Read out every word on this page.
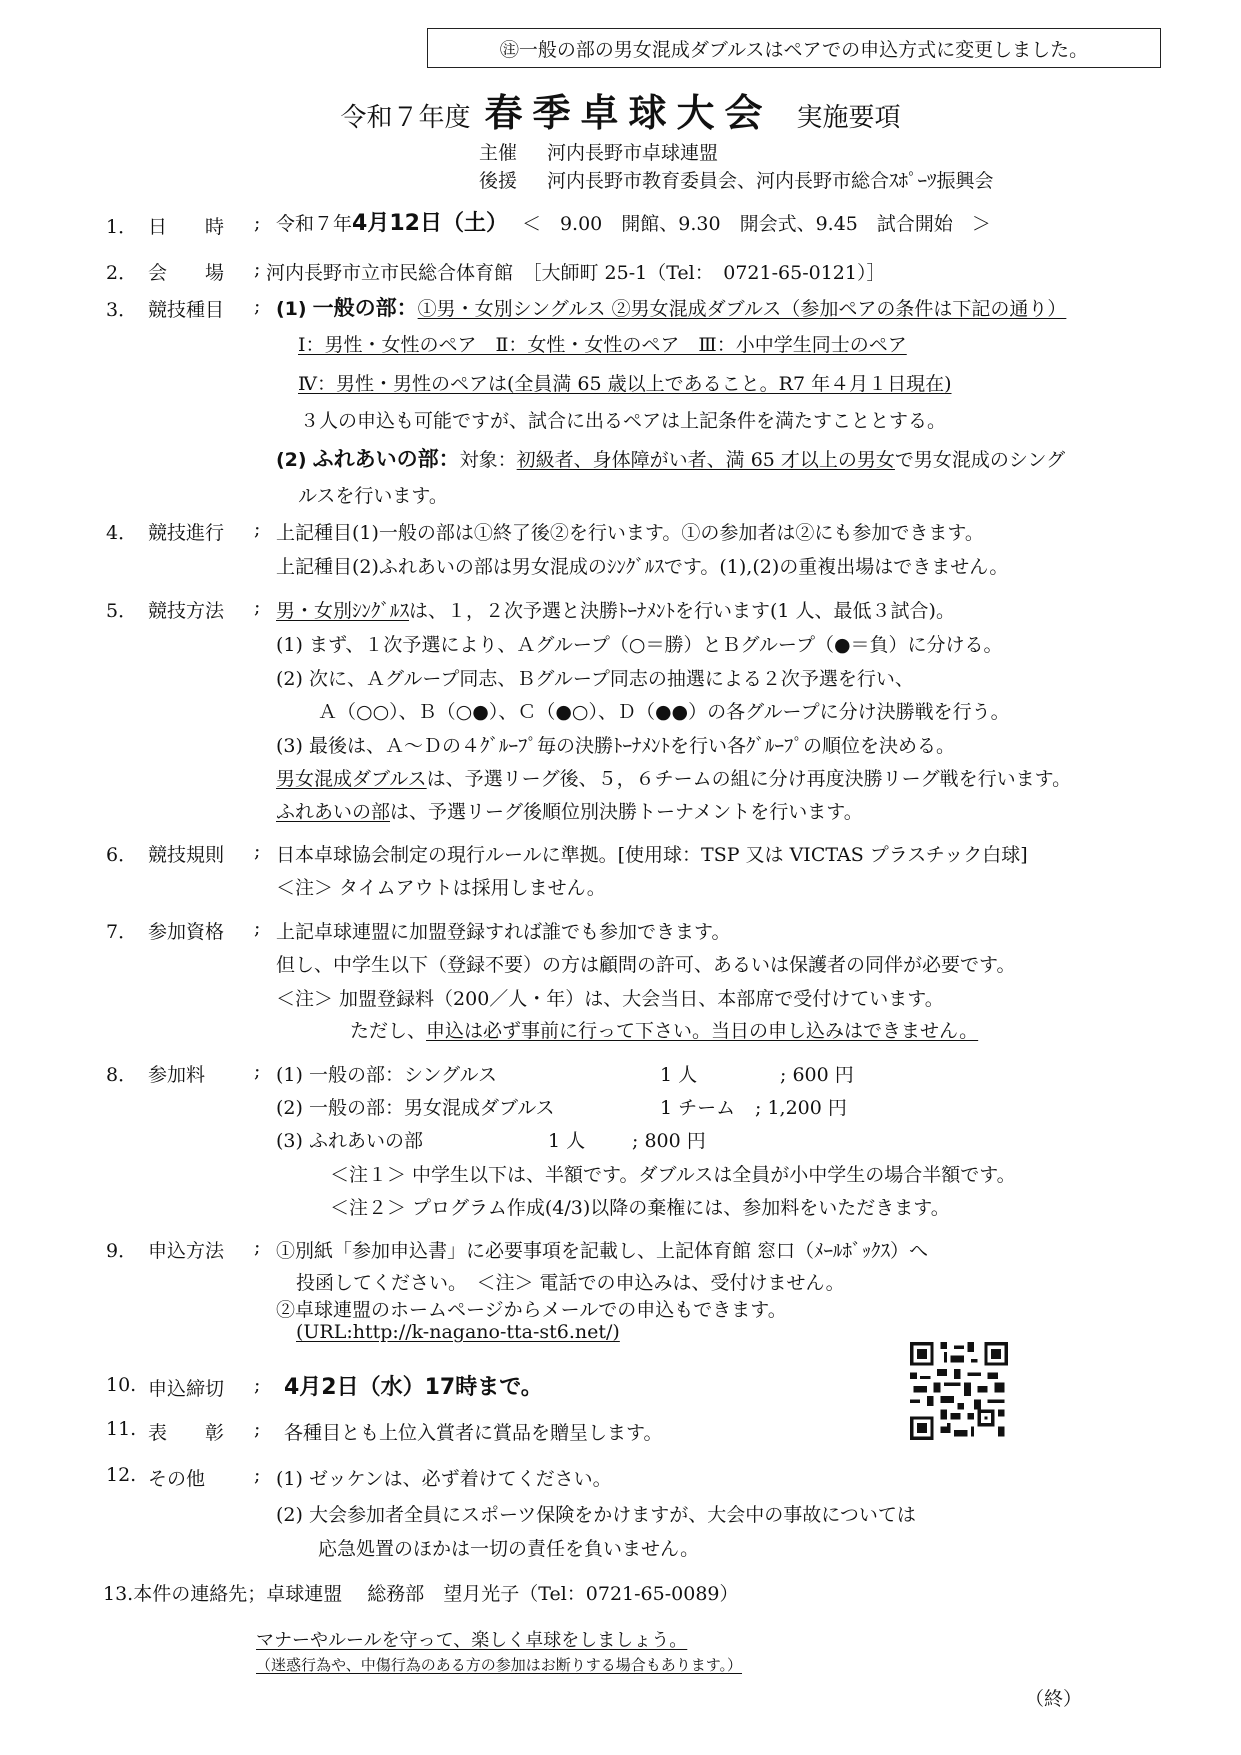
㊟一般の部の男女混成ダブルスはペアでの申込方式に変更しました。
令和７年度 春季卓球大会 実施要項
主催 河内長野市卓球連盟
後援 河内長野市教育委員会、河内長野市総合ｽﾎﾟｰﾂ振興会
1． 日　　時 ; 令和７年4月12日（土） ＜　9.00　開館、9.30　開会式、9.45　試合開始　＞
2． 会　　場 ; 河内長野市立市民総合体育館　［大師町 25-1（Tel：　0721-65-0121）］
3． 競技種目 ; (1) 一般の部：①男・女別シングルス ②男女混成ダブルス（参加ペアの条件は下記の通り）
Ⅰ：男性・女性のペア　Ⅱ：女性・女性のペア　Ⅲ：小中学生同士のペア
Ⅳ：男性・男性のペアは(全員満 65 歳以上であること。R7 年４月１日現在)
３人の申込も可能ですが、試合に出るペアは上記条件を満たすこととする。
(2) ふれあいの部：対象：初級者、身体障がい者、満 65 才以上の男女で男女混成のシング
ルスを行います。
4． 競技進行 ; 上記種目(1)一般の部は①終了後②を行います。①の参加者は②にも参加できます。
上記種目(2)ふれあいの部は男女混成のｼﾝｸﾞﾙｽです。(1),(2)の重複出場はできません。
5． 競技方法 ; 男・女別ｼﾝｸﾞﾙｽは、１，２次予選と決勝ﾄｰﾅﾒﾝﾄを行います(1 人、最低３試合)。
(1) まず、１次予選により、Ａグループ（○＝勝）とＢグループ（●＝負）に分ける。
(2) 次に、Ａグループ同志、Ｂグループ同志の抽選による２次予選を行い、
Ａ（○○）、Ｂ（○●）、Ｃ（●○）、Ｄ（●●）の各グループに分け決勝戦を行う。
(3) 最後は、Ａ～Ｄの４ｸﾞﾙｰﾌﾟ毎の決勝ﾄｰﾅﾒﾝﾄを行い各ｸﾞﾙｰﾌﾟの順位を決める。
男女混成ダブルスは、予選リーグ後、５，６チームの組に分け再度決勝リーグ戦を行います。
ふれあいの部は、予選リーグ後順位別決勝トーナメントを行います。
6． 競技規則 ; 日本卓球協会制定の現行ルールに準拠。[使用球：TSP 又は VICTAS プラスチック白球]
＜注＞ タイムアウトは採用しません。
7． 参加資格 ; 上記卓球連盟に加盟登録すれば誰でも参加できます。
但し、中学生以下（登録不要）の方は顧問の許可、あるいは保護者の同伴が必要です。
＜注＞ 加盟登録料（200／人・年）は、大会当日、本部席で受付けています。
ただし、申込は必ず事前に行って下さい。当日の申し込みはできません。
8． 参加料	; (1) 一般の部：シングルス	1 人	; 600 円
(2) 一般の部：男女混成ダブルス	1 チーム ; 1,200 円
(3) ふれあいの部	1 人 ; 800 円
＜注１＞ 中学生以下は、半額です。ダブルスは全員が小中学生の場合半額です。
＜注２＞ プログラム作成(4/3)以降の棄権には、参加料をいただきます。
9． 申込方法 ; ①別紙「参加申込書」に必要事項を記載し、上記体育館 窓口（ﾒｰﾙﾎﾞｯｸｽ）へ
投函してください。　＜注＞ 電話での申込みは、受付けません。
②卓球連盟のホームページからメールでの申込もできます。
(URL:http://k-nagano-tta-st6.net/)
10. 申込締切 ; 4月2日（水）17時まで。
11. 表　　彰 ; 各種目とも上位入賞者に賞品を贈呈します。
12. その他	; (1) ゼッケンは、必ず着けてください。
(2) 大会参加者全員にスポーツ保険をかけますが、大会中の事故については
応急処置のほかは一切の責任を負いません。
13.本件の連絡先；卓球連盟　 総務部　望月光子（Tel：0721-65-0089）
マナーやルールを守って、楽しく卓球をしましょう。
（迷惑行為や、中傷行為のある方の参加はお断りする場合もあります。）
（終）
